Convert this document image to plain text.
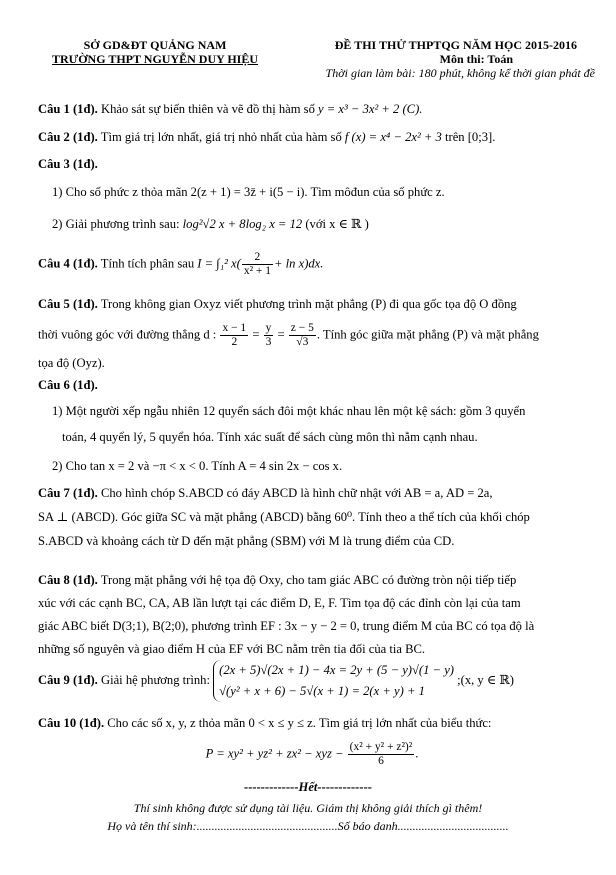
SỞ GD&ĐT QUẢNG NAM
TRƯỜNG THPT NGUYỄN DUY HIỆU
ĐỀ THI THỬ THPTQG NĂM HỌC 2015-2016
Môn thi: Toán
Thời gian làm bài: 180 phút, không kể thời gian phát đề
Câu 1 (1đ). Khảo sát sự biến thiên và vẽ đồ thị hàm số y = x³ − 3x² + 2 (C).
Câu 2 (1đ). Tìm giá trị lớn nhất, giá trị nhỏ nhất của hàm số f (x) = x⁴ − 2x² + 3 trên [0;3].
Câu 3 (1đ).
1) Cho số phức z thỏa mãn 2(z + 1) = 3z̄ + i(5 − i). Tìm môđun của số phức z.
2) Giải phương trình sau: log²√2 x + 8log₂ x = 12 (với x ∈ ℝ )
Câu 4 (1đ). Tính tích phân sau I = ∫₁² $x( \frac{2}{\text{x² + 1}} + \ln x)dx$.
Câu 5 (1đ). Trong không gian Oxyz viết phương trình mặt phẳng (P) đi qua gốc tọa độ O đồng
thời vuông góc với đường thẳng d : $\frac{x - 1}{2} = \frac{y}{3} = \frac{z - 5}{√3}$ . Tính góc giữa mặt phẳng (P) và mặt phẳng
tọa độ (Oyz).
Câu 6 (1đ).
1) Một người xếp ngẫu nhiên 12 quyển sách đôi một khác nhau lên một kệ sách: gồm 3 quyển
toán, 4 quyển lý, 5 quyển hóa. Tính xác suất để sách cùng môn thì nằm cạnh nhau.
2) Cho tan x = 2 và −π < x < 0. Tính A = 4 sin 2x − cos x.
Câu 7 (1đ). Cho hình chóp S.ABCD có đáy ABCD là hình chữ nhật với AB = a, AD = 2a,
SA ⊥ (ABCD). Góc giữa SC và mặt phẳng (ABCD) bằng 60⁰. Tính theo a thể tích của khối chóp
S.ABCD và khoảng cách từ D đến mặt phẳng (SBM) với M là trung điểm của CD.
Câu 8 (1đ). Trong mặt phẳng với hệ tọa độ Oxy, cho tam giác ABC có đường tròn nội tiếp tiếp
xúc với các cạnh BC, CA, AB lần lượt tại các điểm D, E, F. Tìm tọa độ các đỉnh còn lại của tam
giác ABC biết D(3;1), B(2;0), phương trình EF : 3x − y − 2 = 0, trung điểm M của BC có tọa độ là
những số nguyên và giao điểm H của EF với BC nằm trên tia đối của tia BC.
Câu 9 (1đ). Giải hệ phương trình:
(2x + 5)√(2x + 1) − 4x = 2y + (5 − y)√(1 − y)
√(y² + x + 6) − 5√(x + 1) = 2(x + y) + 1
;(x, y ∈ ℝ)
Câu 10 (1đ). Cho các số x, y, z thỏa mãn 0 < x ≤ y ≤ z. Tìm giá trị lớn nhất của biểu thức:
P = xy² + yz² + zx² − xyz − $\frac{\text{(x² + y² + z²)²}}{6}$ .
-------------Hết-------------
Thí sinh không được sử dụng tài liệu. Giám thị không giải thích gì thêm!
Họ và tên thí sinh:...............................................Số báo danh.....................................
